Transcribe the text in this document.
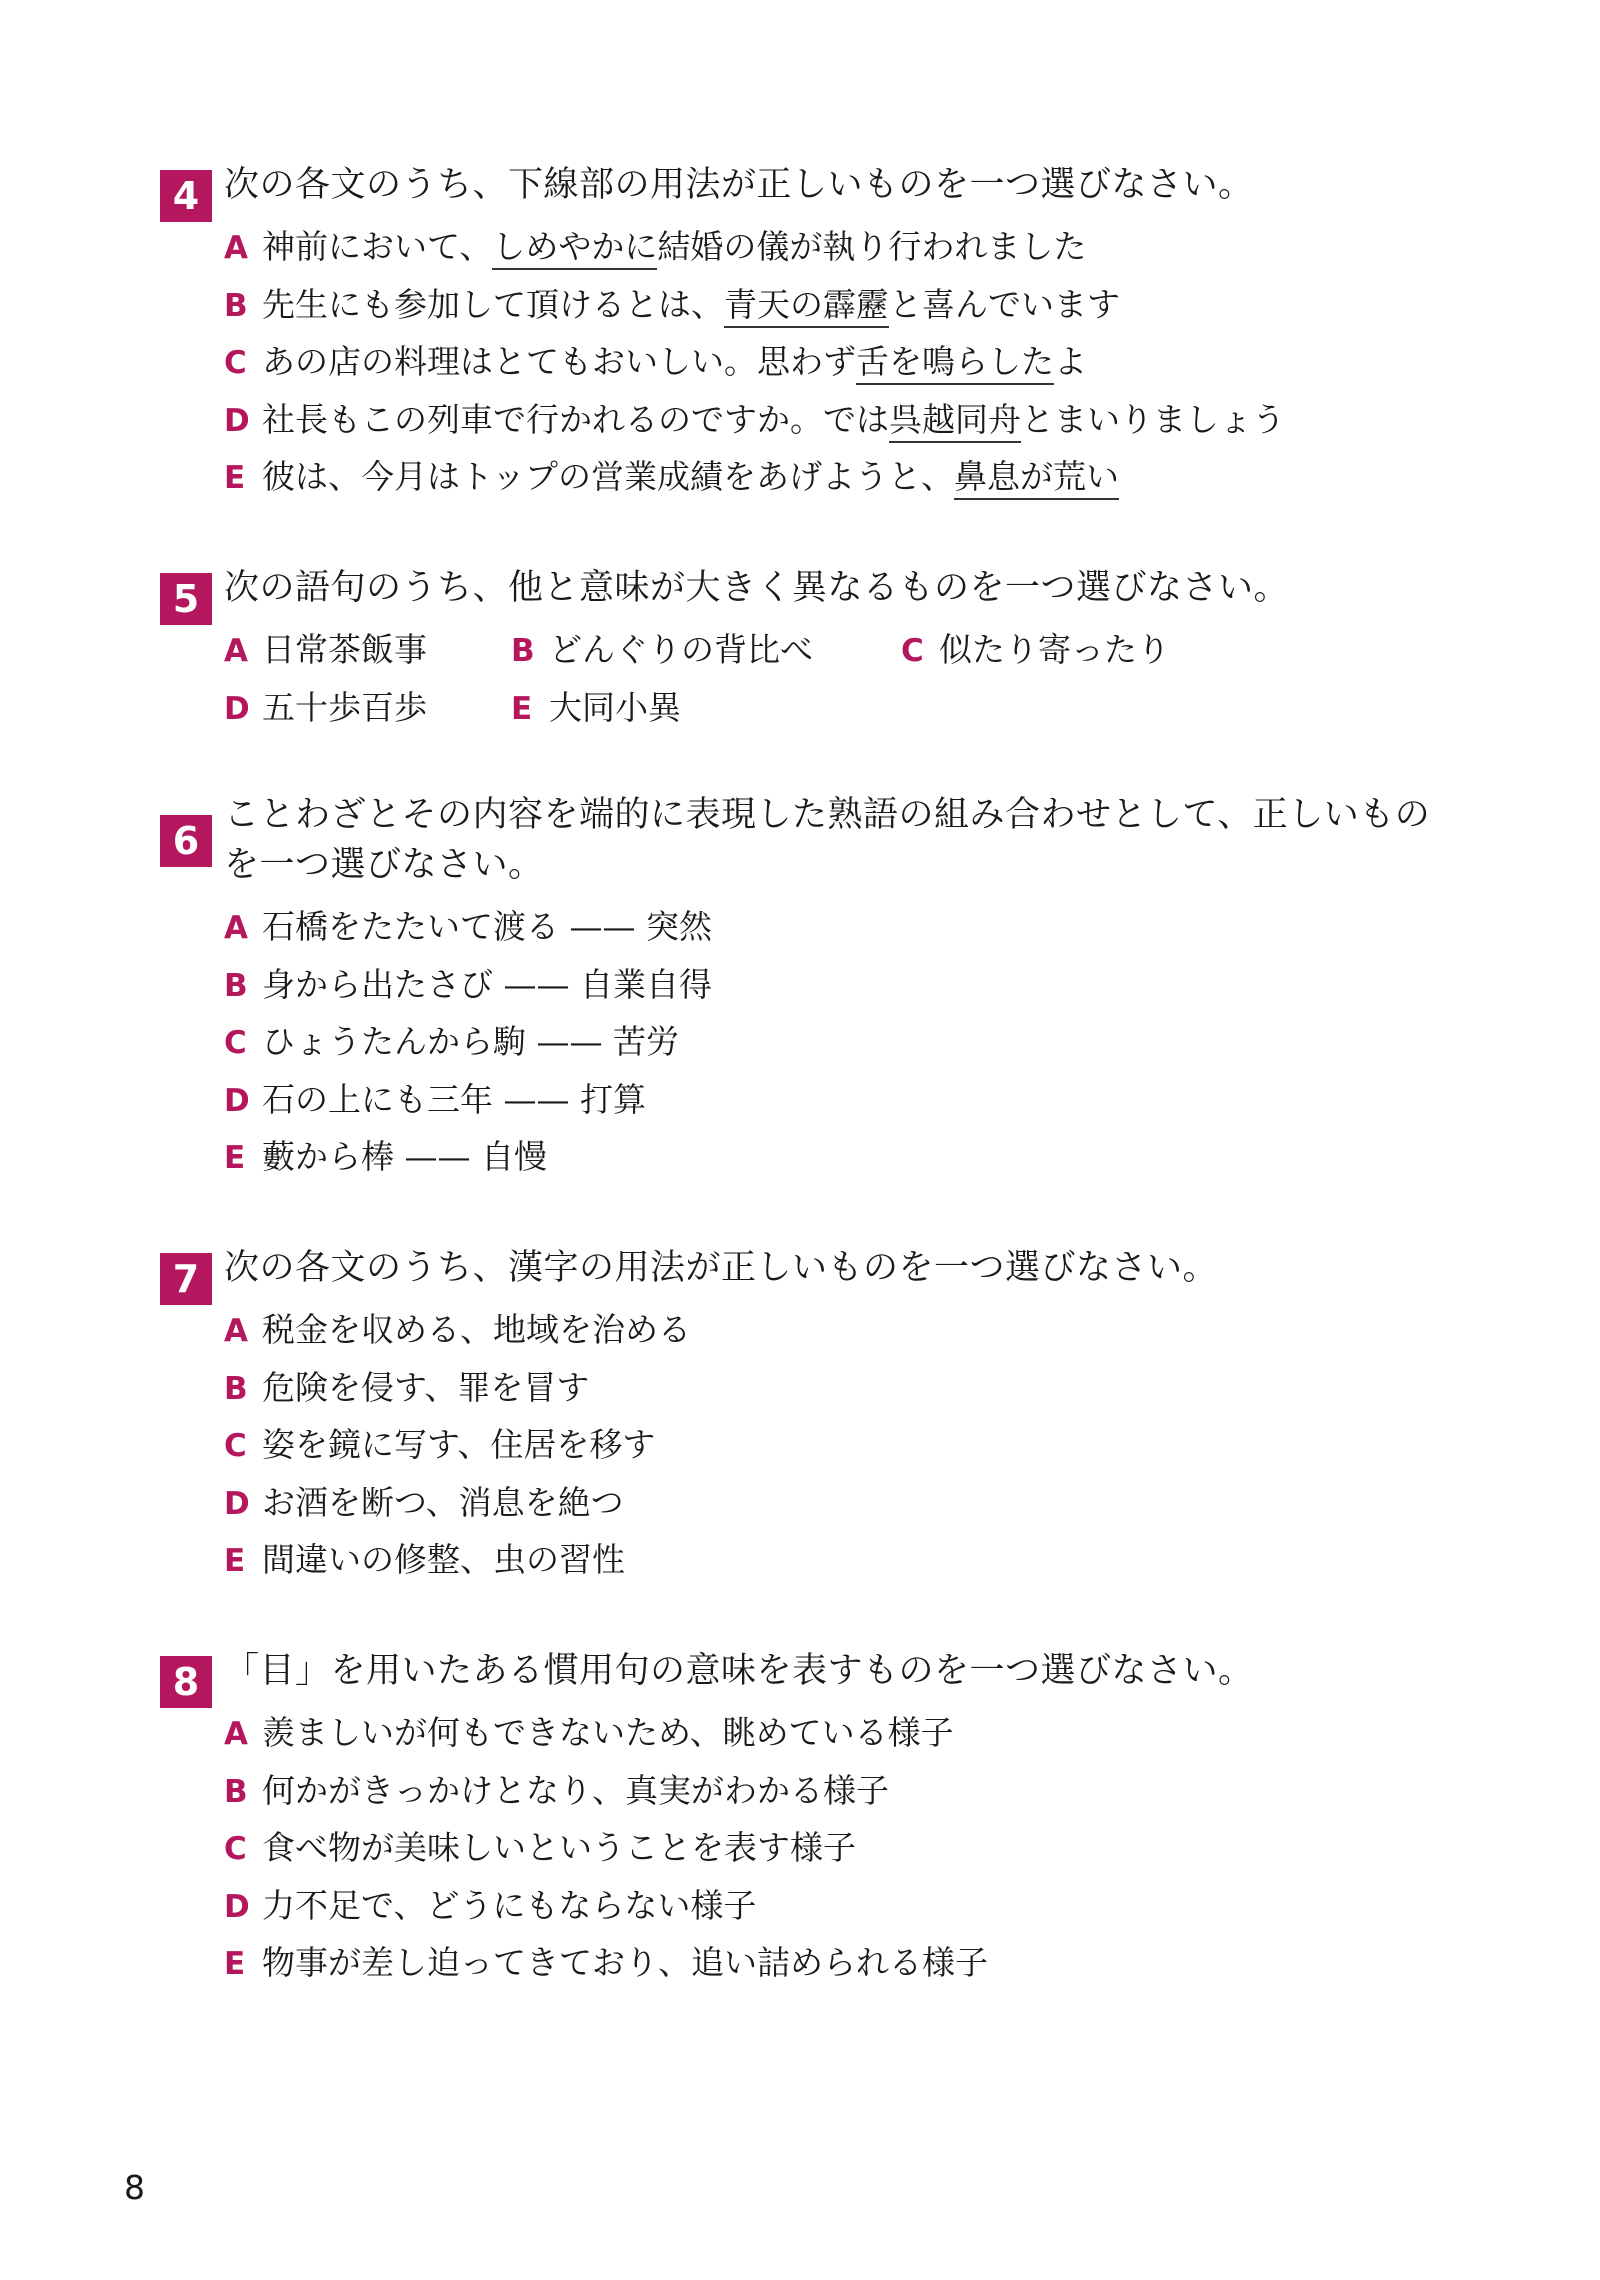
4 次の各文のうち、下線部の用法が正しいものを一つ選びなさい。
A 神前において、しめやかに結婚の儀が執り行われました
B 先生にも参加して頂けるとは、青天の霹靂と喜んでいます
C あの店の料理はとてもおいしい。思わず舌を鳴らしたよ
D 社長もこの列車で行かれるのですか。では呉越同舟とまいりましょう
E 彼は、今月はトップの営業成績をあげようと、鼻息が荒い
5 次の語句のうち、他と意味が大きく異なるものを一つ選びなさい。
A 日常茶飯事	B どんぐりの背比べ	C 似たり寄ったり
D 五十歩百歩	E 大同小異
6
ことわざとその内容を端的に表現した熟語の組み合わせとして、正しいもの
を一つ選びなさい。
A 石橋をたたいて渡る —— 突然
B 身から出たさび —— 自業自得
C ひょうたんから駒 —— 苦労
D 石の上にも三年 —— 打算
E 藪から棒 —— 自慢
7 次の各文のうち、漢字の用法が正しいものを一つ選びなさい。
A 税金を収める、地域を治める
B 危険を侵す、罪を冒す
C 姿を鏡に写す、住居を移す
D お酒を断つ、消息を絶つ
E 間違いの修整、虫の習性
8 「目」を用いたある慣用句の意味を表すものを一つ選びなさい。
A 羨ましいが何もできないため、眺めている様子
B 何かがきっかけとなり、真実がわかる様子
C 食べ物が美味しいということを表す様子
D 力不足で、どうにもならない様子
E 物事が差し迫ってきており、追い詰められる様子
8
